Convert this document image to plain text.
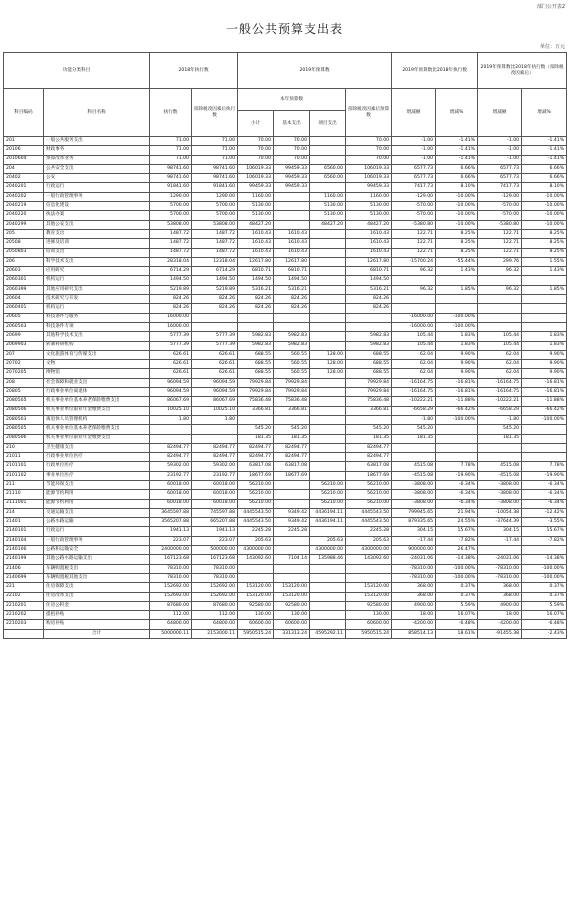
部门公开表2
一般公共预算支出表
单位：万元
功能分类科目		2018年执行数		2019年预算数				2019年预算数比2018年执行数		2019年预算数比2018年执行数（扣除税改因素后）	
科目编码	科目名称	执行数	扣除税改因素后执行数	本年预算数			扣除税改因素后预算数	增减额	增减%	增减额	增减%
				小计	基本支出	项目支出					
201	一般公共服务支出	71.00	71.00	70.00	70.00		70.00	-1.00	-1.41%	-1.00	-1.41%
20106	财政事务	71.00	71.00	70.00	70.00		70.00	-1.00	-1.41%	-1.00	-1.41%
2010604	预算改革业务	71.00	71.00	70.00	70.00		70.00	-1.00	-1.41%	-1.00	-1.41%
204	公共安全支出	98741.60	98741.60	106019.33	99459.33	6560.00	106019.33	6577.73	6.66%	6577.73	6.66%
20402	公安	98741.60	98741.60	106019.33	99459.33	6560.00	106019.33	6577.73	6.66%	6577.73	6.66%
2040201	行政运行	91841.60	91841.60	99459.33	99459.33		99459.33	7417.73	8.10%	7417.73	8.10%
2040202	一般行政管理事务	1290.00	1290.00	1160.00		1160.00	1160.00	-129.00	-10.00%	-129.00	-10.00%
2040219	信息化建设	5700.00	5700.00	5130.00		5130.00	5130.00	-570.00	-10.00%	-570.00	-10.00%
2040220	执法办案	5700.00	5700.00	5130.00		5130.00	5130.00	-570.00	-10.00%	-570.00	-10.00%
2040299	其他公安支出	53808.00	53808.00	48427.20		48427.20	48427.20	-5380.80	-10.00%	-5380.80	-10.00%
205	教育支出	1487.72	1487.72	1610.43	1610.43		1610.43	122.71	8.25%	122.71	8.25%
20508	进修及培训	1487.72	1487.72	1610.43	1610.43		1610.43	122.71	8.25%	122.71	8.25%
2050803	培训支出	1487.72	1487.72	1610.43	1610.43		1610.43	122.71	8.25%	122.71	8.25%
206	科学技术支出	28318.04	12318.04	12617.80	12617.80		12617.80	-15700.24	-55.44%	299.76	1.55%
20603	应用研究	6714.29	6714.29	6810.71	6810.71		6810.71	96.32	1.43%	96.32	1.43%
2060301	机构运行	1494.50	1494.50	1494.50	1494.50		1494.50				
2060399	其他应用研究支出	5219.89	5219.89	5316.21	5316.21		5316.21	96.32	1.85%	96.32	1.85%
20604	技术研究与开发	824.26	824.26	824.26	824.26		824.26				
2060401	机构运行	824.26	824.26	824.26	824.26		824.26				
20605	科技条件与服务	16000.00						-16000.00	-100.00%		
2060503	科技条件专项	16000.00						-16000.00	-100.00%		
20699	其他科学技术支出	5777.39	5777.39	5982.83	5982.83		5982.83	105.44	1.83%	105.44	1.83%
2069903	转制科研机构	5777.39	5777.39	5982.83	5982.83		5982.83	105.44	1.83%	105.44	1.83%
207	文化旅游体育与传媒支出	626.61	626.61	688.55	560.55	128.00	688.55	62.04	9.90%	62.04	9.90%
20702	文物	626.61	626.61	688.55	560.55	128.00	688.55	62.04	9.90%	62.04	9.90%
2070205	博物馆	626.61	626.61	688.55	560.55	128.00	688.55	62.04	9.90%	62.04	9.90%
208	社会保障和就业支出	96094.59	96094.59	79929.84	79929.84		79929.84	-16164.75	-16.81%	-16164.75	-16.81%
20805	行政事业单位离退休	96094.59	96094.59	79929.84	79929.84		79929.84	-16164.75	-16.81%	-16164.75	-16.81%
2080505	机关事业单位基本养老保险缴费支出	86067.69	86067.69	75836.48	75836.48		75836.48	-10222.21	-11.88%	-10222.21	-11.88%
2080506	机关事业单位职业年金缴费支出	10025.10	10025.10	3366.81	3366.81		3366.81	-6658.29	-66.42%	-6658.29	-66.42%
2080503	离退休人员管理机构	1.80	1.80					-1.80	-100.00%	-1.80	-100.00%
2080505	机关事业单位基本养老保险缴费支出			545.20	545.20		545.20	545.20		545.20	
2080506	机关事业单位职业年金缴费支出			181.35	181.35		181.35	181.35		181.35	
210	卫生健康支出	82494.77	82494.77	82494.77	82494.77		82494.77				
21011	行政事业单位医疗	82494.77	82494.77	82494.77	82494.77		82494.77				
2101101	行政单位医疗	59302.00	59302.00	63817.08	63817.08		63817.08	4515.08	7.78%	4515.08	7.78%
2101102	事业单位医疗	23192.77	23192.77	18677.69	18677.69		18677.69	-4515.08	-19.90%	-4515.08	-19.90%
211	节能环保支出	60018.00	60018.00	56210.00		56210.00	56210.00	-3808.00	-6.34%	-3808.00	-6.34%
21110	能源节约利用	60018.00	60018.00	56210.00		56210.00	56210.00	-3808.00	-6.34%	-3808.00	-6.34%
2111001	能源节约利用	60018.00	60018.00	56210.00		56210.00	56210.00	-3808.00	-6.34%	-3808.00	-6.34%
214	交通运输支出	3645597.88	745597.88	4445543.50	9349.42	4436194.11	4445543.50	799945.65	21.94%	-10054.38	-12.42%
21401	公路水路运输	3565207.88	665207.88	4445543.50	9349.42	4436194.11	4445543.50	879335.65	24.55%	-37644.39	-3.55%
2140101	行政运行	1941.13	1941.13	2245.28	2245.28		2245.28	304.15	15.67%	304.15	15.67%
2140104	一般行政管理事务	223.07	223.07	205.63		205.63	205.63	-17.44	-7.82%	-17.44	-7.82%
2140106	公路和运输安全	2400000.00	500000.00	4300000.00		4300000.00	4300000.00	900000.00	26.47%		
2140199	其他公路水路运输支出	167123.68	167123.68	143092.60	7104.14	135988.46	143092.60	-24031.06	-14.38%	-24031.06	-14.38%
21406	车辆购置税支出	78310.00	78310.00					-78310.00	-100.00%	-78310.00	-100.00%
2140699	车辆购置税其他支出	78310.00	78310.00					-78310.00	-100.00%	-78310.00	-100.00%
221	住房保障支出	152692.00	152692.00	153120.00	153120.00		153120.00	368.00	0.37%	368.00	0.37%
22102	住房改革支出	152692.00	152692.00	153120.00	153120.00		153120.00	368.00	0.37%	368.00	0.37%
2210201	住房公积金	87680.00	87680.00	92580.00	92580.00		92580.00	4900.00	5.59%	4900.00	5.59%
2210202	提租补贴	112.00	112.00	130.00	130.00		130.00	18.00	16.07%	18.00	16.07%
2210203	购房补贴	64800.00	64800.00	60600.00	60600.00		60600.00	-4200.00	-6.48%	-4200.00	-6.48%
	合计	5000000.11	2153000.11	5950515.24	331313.24	4595292.11	5950515.24	858514.13	18.61%	-91455.38	-2.43%
